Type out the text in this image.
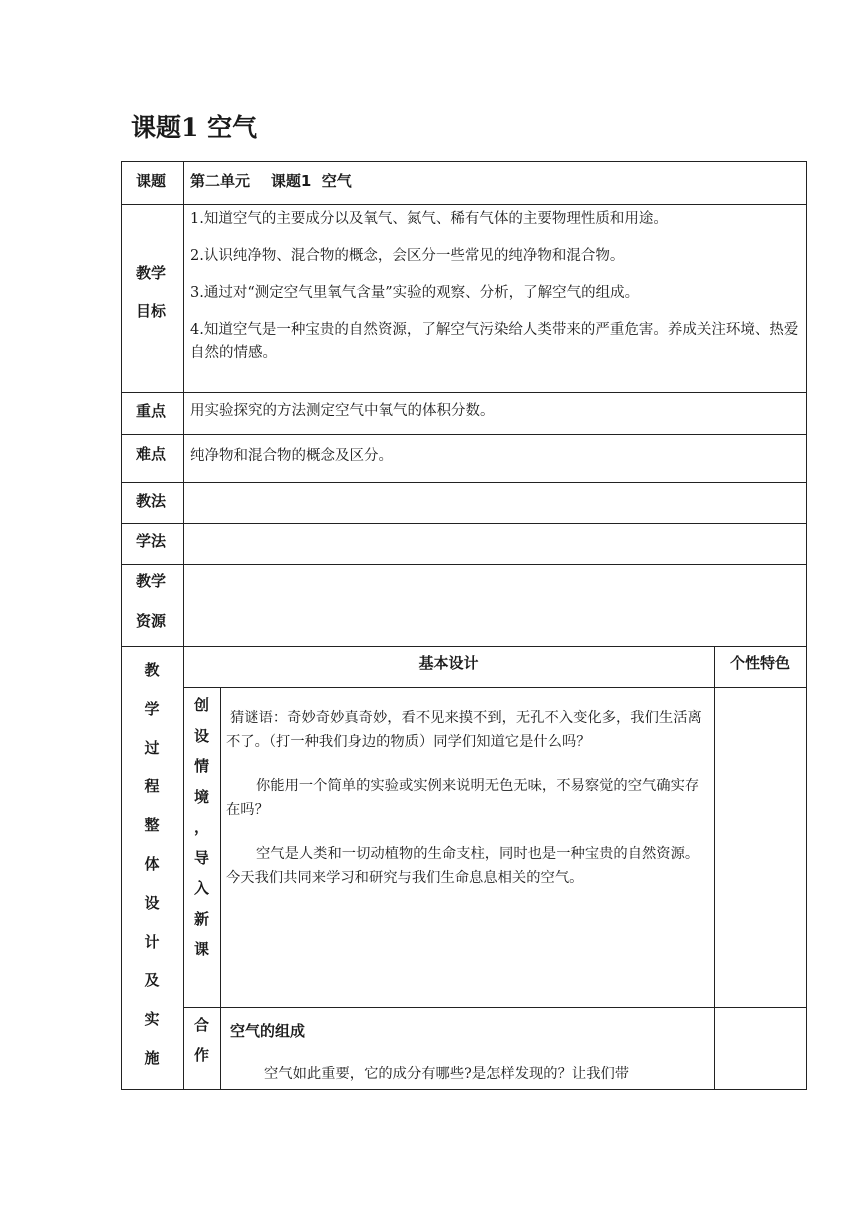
课题1 空气
课题 第二单元    课题1  空气
教学
目标

1.知道空气的主要成分以及氧气、氮气、稀有气体的主要物理性质和用途。

2.认识纯净物、混合物的概念，会区分一些常见的纯净物和混合物。

3.通过对“测定空气里氧气含量”实验的观察、分析，了解空气的组成。

4.知道空气是一种宝贵的自然资源，了解空气污染给人类带来的严重危害。养成关注环境、热爱自然的情感。

重点 用实验探究的方法测定空气中氧气的体积分数。
难点 纯净物和混合物的概念及区分。
教法
学法
教学
资源
基本设计	个性特色
教
学
过
程
整
体
设
计
及
实
施
创
设
情
境
，
导
入
新
课

猜谜语：奇妙奇妙真奇妙，看不见来摸不到，无孔不入变化多，我们生活离不了。（打一种我们身边的物质）同学们知道它是什么吗？

你能用一个简单的实验或实例来说明无色无味，不易察觉的空气确实存在吗？

空气是人类和一切动植物的生命支柱，同时也是一种宝贵的自然资源。今天我们共同来学习和研究与我们生命息息相关的空气。

合
作
空气的组成
空气如此重要，它的成分有哪些?是怎样发现的？让我们带
